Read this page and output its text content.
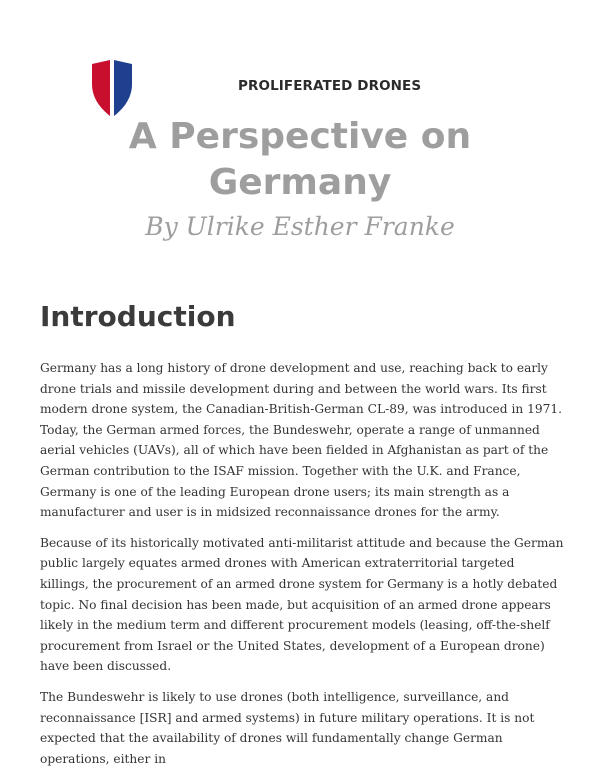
PROLIFERATED DRONES
A Perspective on
Germany
By Ulrike Esther Franke
Introduction

Germany has a long history of drone development and use, reaching back to early drone trials and missile development during and between the world wars. Its first modern drone system, the Canadian-British-German CL-89, was introduced in 1971. Today, the German armed forces, the Bundeswehr, operate a range of unmanned aerial vehicles (UAVs), all of which have been fielded in Afghanistan as part of the German contribution to the ISAF mission. Together with the U.K. and France, Germany is one of the leading European drone users; its main strength as a manufacturer and user is in midsized reconnaissance drones for the army.

Because of its historically motivated anti-militarist attitude and because the German public largely equates armed drones with American extraterritorial targeted killings, the procurement of an armed drone system for Germany is a hotly debated topic. No final decision has been made, but acquisition of an armed drone appears likely in the medium term and different procurement models (leasing, off-the-shelf procurement from Israel or the United States, development of a European drone) have been discussed.

The Bundeswehr is likely to use drones (both intelligence, surveillance, and reconnaissance [ISR] and armed systems) in future military operations. It is not expected that the availability of drones will fundamentally change German operations, either in
